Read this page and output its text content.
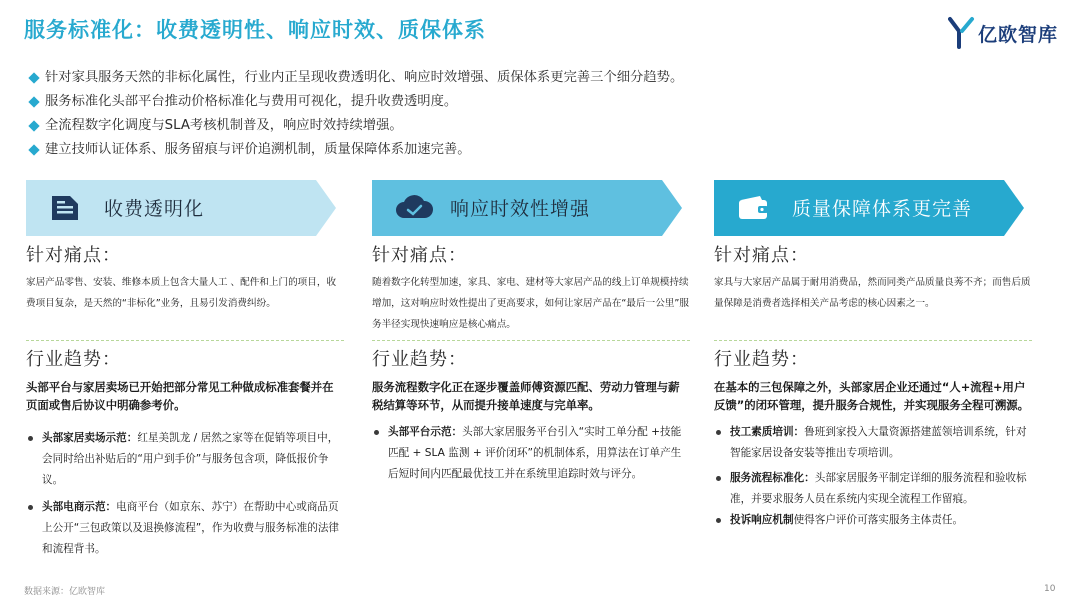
服务标准化：收费透明性、响应时效、质保体系	亿欧智库
针对家具服务天然的非标化属性，行业内正呈现收费透明化、响应时效增强、质保体系更完善三个细分趋势。
服务标准化头部平台推动价格标准化与费用可视化，提升收费透明度。
全流程数字化调度与SLA考核机制普及，响应时效持续增强。
建立技师认证体系、服务留痕与评价追溯机制，质量保障体系加速完善。
收费透明化
针对痛点：
家居产品零售、安装、维修本质上包含大量人工 、配件和上门的项目，收费项目复杂，是天然的“非标化”业务，且易引发消费纠纷。
行业趋势：
头部平台与家居卖场已开始把部分常见工种做成标准套餐并在页面或售后协议中明确参考价。
头部家居卖场示范：红星美凯龙 / 居然之家等在促销等项目中，会同时给出补贴后的“用户到手价”与服务包含项，降低报价争议。
头部电商示范：电商平台（如京东、苏宁）在帮助中心或商品页上公开“三包政策以及退换修流程”，作为收费与服务标准的法律和流程背书。
响应时效性增强
针对痛点：
随着数字化转型加速，家具、家电、建材等大家居产品的线上订单规模持续增加，这对响应时效性提出了更高要求，如何让家居产品在“最后一公里”服务半径实现快速响应是核心痛点。
行业趋势：
服务流程数字化正在逐步覆盖师傅资源匹配、劳动力管理与薪税结算等环节，从而提升接单速度与完单率。
头部平台示范：头部大家居服务平台引入“实时工单分配 +技能匹配 + SLA 监测 + 评价闭环”的机制体系，用算法在订单产生后短时间内匹配最优技工并在系统里追踪时效与评分。
质量保障体系更完善
针对痛点：
家具与大家居产品属于耐用消费品，然而同类产品质量良莠不齐；而售后质量保障是消费者选择相关产品考虑的核心因素之一。
行业趋势：
在基本的三包保障之外，头部家居企业还通过“人+流程+用户反馈”的闭环管理，提升服务合规性，并实现服务全程可溯源。
技工素质培训：鲁班到家投入大量资源搭建蓝领培训系统，针对智能家居设备安装等推出专项培训。
服务流程标准化：头部家居服务平制定详细的服务流程和验收标准，并要求服务人员在系统内实现全流程工作留痕。
投诉响应机制使得客户评价可落实服务主体责任。
数据来源：亿欧智库	10
